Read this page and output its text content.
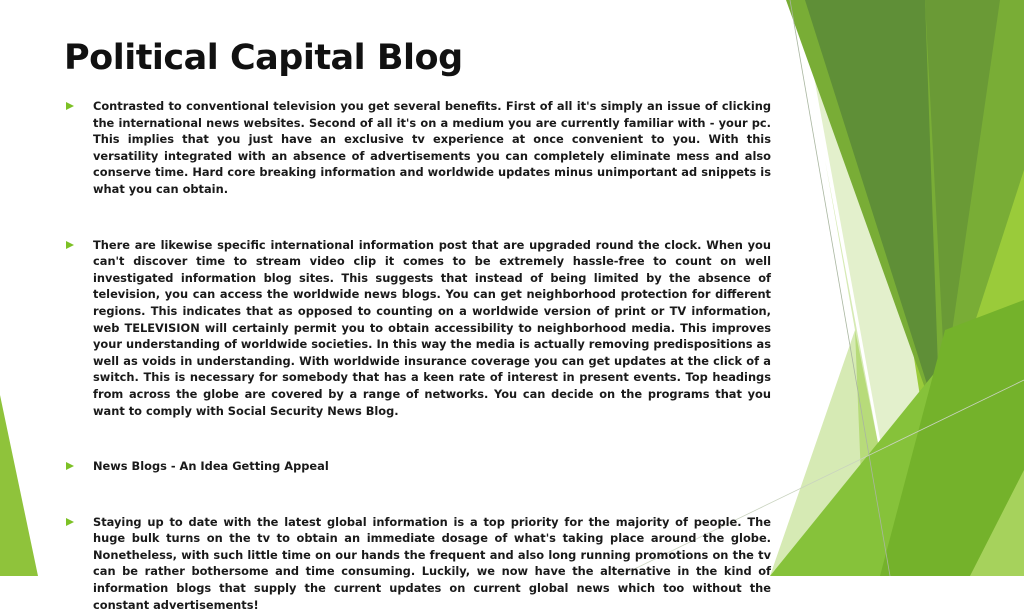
Political Capital Blog
Contrasted to conventional television you get several benefits. First of all it's simply an issue of clicking the international news websites. Second of all it's on a medium you are currently familiar with - your pc. This implies that you just have an exclusive tv experience at once convenient to you. With this versatility integrated with an absence of advertisements you can completely eliminate mess and also conserve time. Hard core breaking information and worldwide updates minus unimportant ad snippets is what you can obtain.
There are likewise specific international information post that are upgraded round the clock. When you can't discover time to stream video clip it comes to be extremely hassle-free to count on well investigated information blog sites. This suggests that instead of being limited by the absence of television, you can access the worldwide news blogs. You can get neighborhood protection for different regions. This indicates that as opposed to counting on a worldwide version of print or TV information, web TELEVISION will certainly permit you to obtain accessibility to neighborhood media. This improves your understanding of worldwide societies. In this way the media is actually removing predispositions as well as voids in understanding. With worldwide insurance coverage you can get updates at the click of a switch. This is necessary for somebody that has a keen rate of interest in present events. Top headings from across the globe are covered by a range of networks. You can decide on the programs that you want to comply with Social Security News Blog.
News Blogs - An Idea Getting Appeal
Staying up to date with the latest global information is a top priority for the majority of people. The huge bulk turns on the tv to obtain an immediate dosage of what's taking place around the globe. Nonetheless, with such little time on our hands the frequent and also long running promotions on the tv can be rather bothersome and time consuming. Luckily, we now have the alternative in the kind of information blogs that supply the current updates on current global news which too without the constant advertisements!
